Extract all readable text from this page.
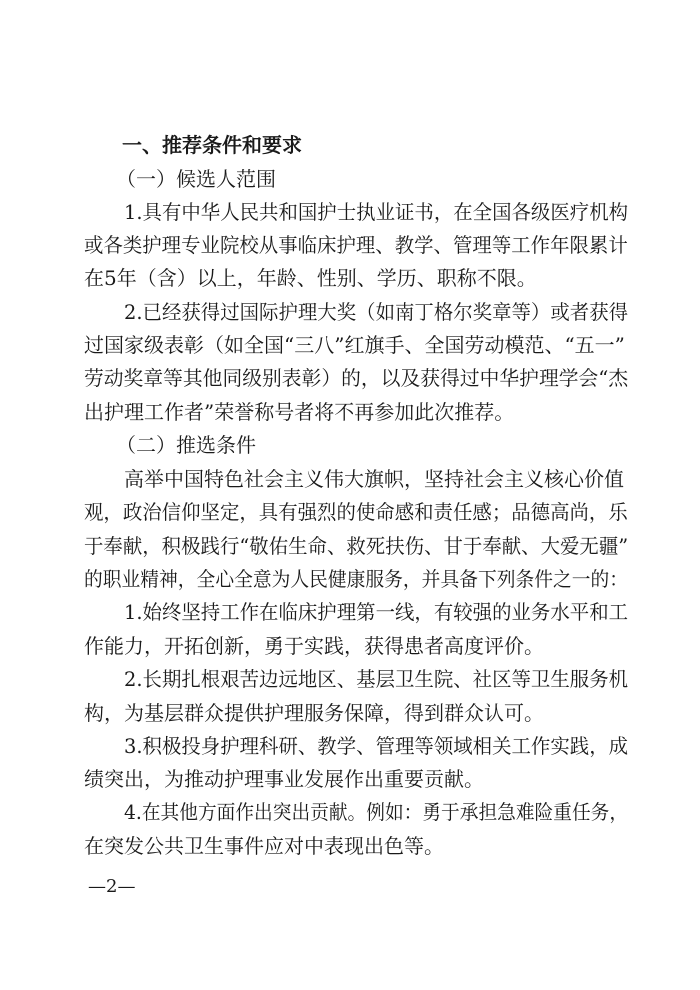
一、推荐条件和要求

（一）候选人范围

1.具有中华人民共和国护士执业证书，在全国各级医疗机构

或各类护理专业院校从事临床护理、教学、管理等工作年限累计

在5年（含）以上，年龄、性别、学历、职称不限。

2.已经获得过国际护理大奖（如南丁格尔奖章等）或者获得

过国家级表彰（如全国“三八”红旗手、全国劳动模范、“五一”

劳动奖章等其他同级别表彰）的，以及获得过中华护理学会“杰

出护理工作者”荣誉称号者将不再参加此次推荐。

（二）推选条件

高举中国特色社会主义伟大旗帜，坚持社会主义核心价值

观，政治信仰坚定，具有强烈的使命感和责任感；品德高尚，乐

于奉献，积极践行“敬佑生命、救死扶伤、甘于奉献、大爱无疆”

的职业精神，全心全意为人民健康服务，并具备下列条件之一的：

1.始终坚持工作在临床护理第一线，有较强的业务水平和工

作能力，开拓创新，勇于实践，获得患者高度评价。

2.长期扎根艰苦边远地区、基层卫生院、社区等卫生服务机

构，为基层群众提供护理服务保障，得到群众认可。

3.积极投身护理科研、教学、管理等领域相关工作实践，成

绩突出，为推动护理事业发展作出重要贡献。

4.在其他方面作出突出贡献。例如：勇于承担急难险重任务，

在突发公共卫生事件应对中表现出色等。

—2—
